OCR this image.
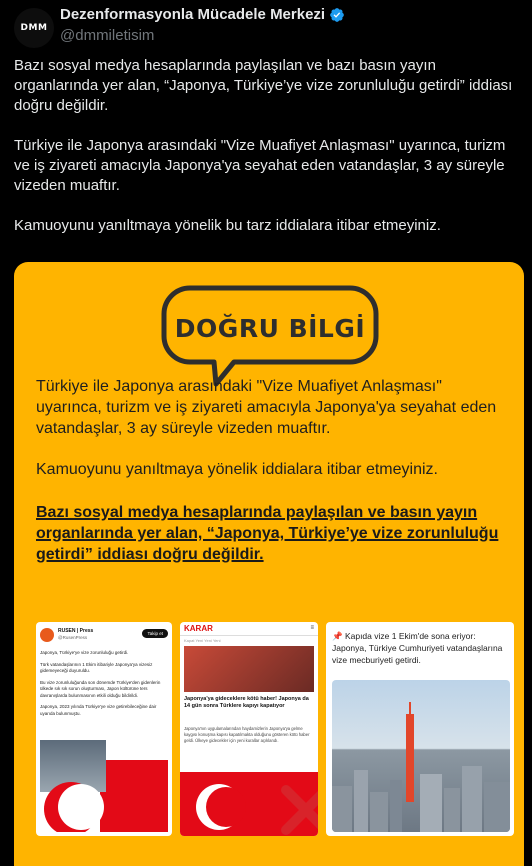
DMM
Dezenformasyonla Mücadele Merkezi
@dmmiletisim

Bazı sosyal medya hesaplarında paylaşılan ve bazı basın yayın organlarında yer alan, “Japonya, Türkiye’ye vize zorunluluğu getirdi” iddiası doğru değildir.

Türkiye ile Japonya arasındaki "Vize Muafiyet Anlaşması" uyarınca, turizm ve iş ziyareti amacıyla Japonya'ya seyahat eden vatandaşlar, 3 ay süreyle vizeden muaftır.

Kamuoyunu yanıltmaya yönelik bu tarz iddialara itibar etmeyiniz.

DOĞRU BİLGİ

Türkiye ile Japonya arasındaki "Vize Muafiyet Anlaşması" uyarınca, turizm ve iş ziyareti amacıyla Japonya'ya seyahat eden vatandaşlar, 3 ay süreyle vizeden muaftır.

Kamuoyunu yanıltmaya yönelik iddialara itibar etmeyiniz.

Bazı sosyal medya hesaplarında paylaşılan ve basın yayın organlarında yer alan, “Japonya, Türkiye’ye vize zorunluluğu getirdi” iddiası doğru değildir.

RUSEN | Press
@RusenPress
Takip et

Japonya, Türkiye'ye vize zorunluluğu getirdi.

Türk vatandaşlarının 1 Ekim itibariyle Japonya'ya vizesiz gidemeyeceği duyuruldu.

Bu vize zorunluluğunda son dönemde Türkiye'den gidenlerin ülkede sık sık sorun oluşturması, Japon kültürüne ters davranışlarda bulunmasının etkili olduğu bildirildi.

Japonya, 2023 yılında Türkiye'ye vize getirebileceğine dair uyarıda bulunmuştu.

KARAR	≡
Kapat Yeni Yeni Yeni

Japonya'ya gideceklere kötü haber! Japonya da 14 gün sonra Türklere kapıyı kapatıyor

Japonya'nın uygulamalarından haydamizlerin Japonya'ya gelme kaygısı konuşma kapısı kapatılmakta olduğunu gösteren kötü haber geldi. Ülkeye gidecekler için yeni kurallar açıklandı.

📌 Kapıda vize 1 Ekim'de sona eriyor: Japonya, Türkiye Cumhuriyeti vatandaşlarına vize mecburiyeti getirdi.
